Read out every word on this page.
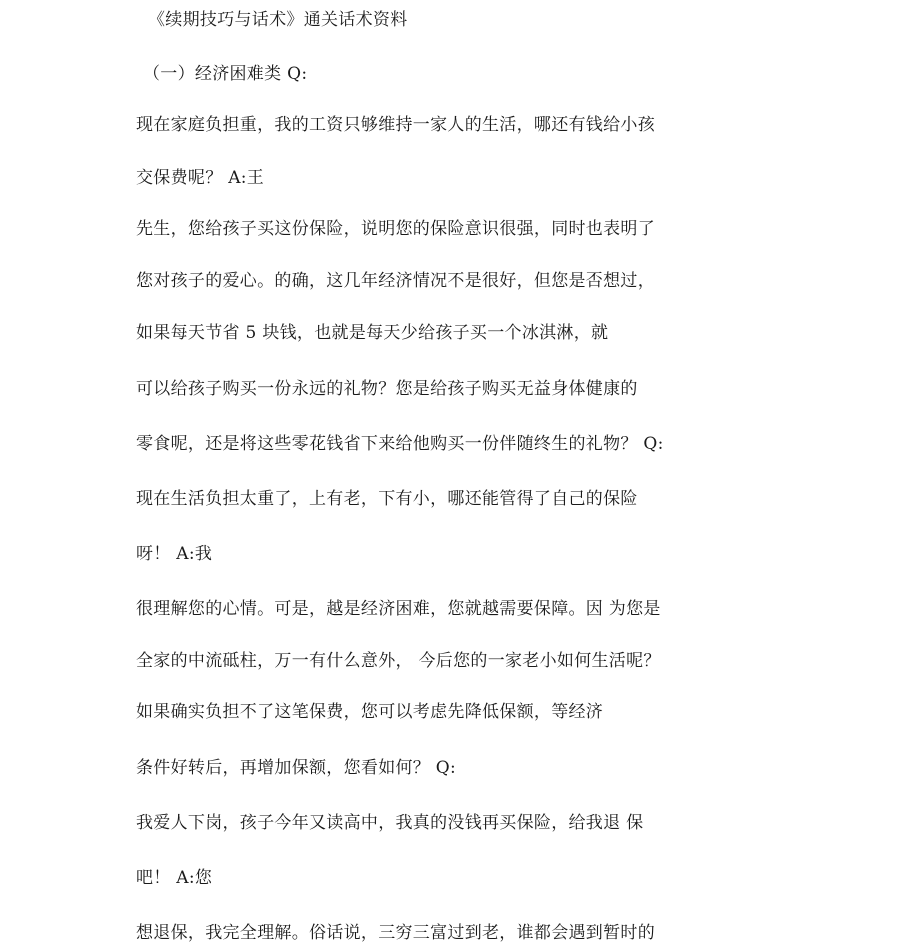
《续期技巧与话术》通关话术资料
（一）经济困难类 Q:
现在家庭负担重，我的工资只够维持一家人的生活，哪还有钱给小孩
交保费呢？ A:王
先生，您给孩子买这份保险，说明您的保险意识很强，同时也表明了
您对孩子的爱心。的确，这几年经济情况不是很好，但您是否想过，
如果每天节省 5 块钱，也就是每天少给孩子买一个冰淇淋，就
可以给孩子购买一份永远的礼物？您是给孩子购买无益身体健康的
零食呢，还是将这些零花钱省下来给他购买一份伴随终生的礼物？ Q:
现在生活负担太重了，上有老，下有小，哪还能管得了自己的保险
呀！ A:我
很理解您的心情。可是，越是经济困难，您就越需要保障。因 为您是
全家的中流砥柱，万一有什么意外， 今后您的一家老小如何生活呢？
如果确实负担不了这笔保费，您可以考虑先降低保额，等经济
条件好转后，再增加保额，您看如何？ Q:
我爱人下岗，孩子今年又读高中，我真的没钱再买保险，给我退 保
吧！ A:您
想退保，我完全理解。俗话说，三穷三富过到老，谁都会遇到暂时的
